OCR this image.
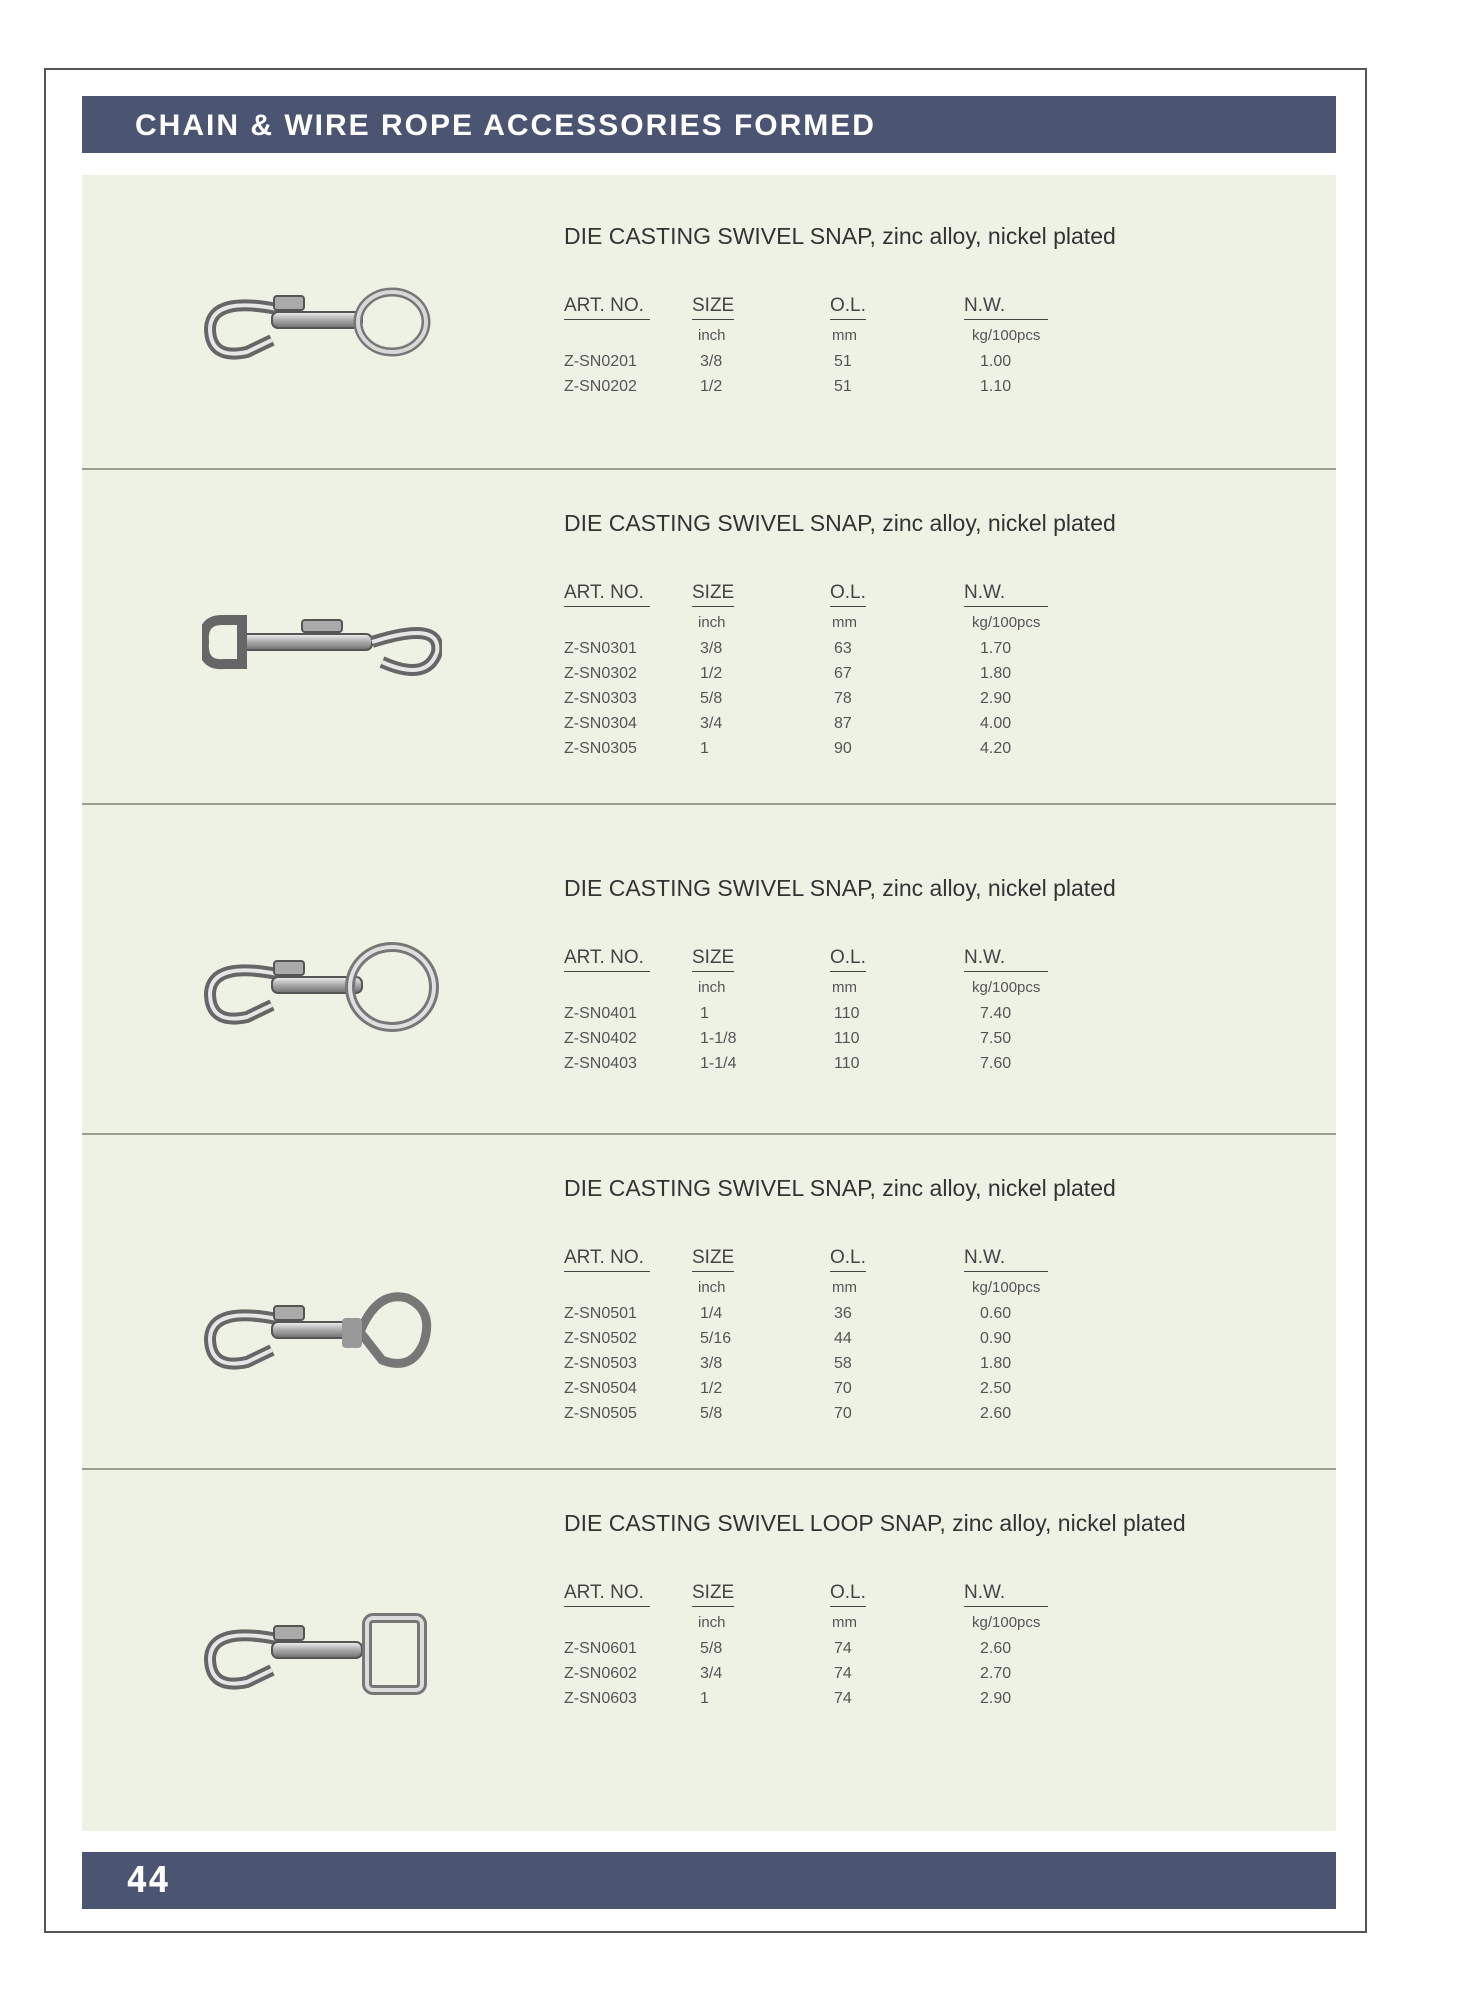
CHAIN & WIRE ROPE ACCESSORIES FORMED
DIE CASTING SWIVEL SNAP, zinc alloy, nickel plated
ART. NO.	SIZE	O.L.	N.W.
inch	mm	kg/100pcs
Z-SN0201	3/8	51	1.00
Z-SN0202	1/2	51	1.10
DIE CASTING SWIVEL SNAP, zinc alloy, nickel plated
ART. NO.	SIZE	O.L.	N.W.
inch	mm	kg/100pcs
Z-SN0301	3/8	63	1.70
Z-SN0302	1/2	67	1.80
Z-SN0303	5/8	78	2.90
Z-SN0304	3/4	87	4.00
Z-SN0305	1	90	4.20
DIE CASTING SWIVEL SNAP, zinc alloy, nickel plated
ART. NO.	SIZE	O.L.	N.W.
inch	mm	kg/100pcs
Z-SN0401	1	110	7.40
Z-SN0402	1-1/8	110	7.50
Z-SN0403	1-1/4	110	7.60
DIE CASTING SWIVEL SNAP, zinc alloy, nickel plated
ART. NO.	SIZE	O.L.	N.W.
inch	mm	kg/100pcs
Z-SN0501	1/4	36	0.60
Z-SN0502	5/16	44	0.90
Z-SN0503	3/8	58	1.80
Z-SN0504	1/2	70	2.50
Z-SN0505	5/8	70	2.60
DIE CASTING SWIVEL LOOP SNAP, zinc alloy, nickel plated
ART. NO.	SIZE	O.L.	N.W.
inch	mm	kg/100pcs
Z-SN0601	5/8	74	2.60
Z-SN0602	3/4	74	2.70
Z-SN0603	1	74	2.90
44
